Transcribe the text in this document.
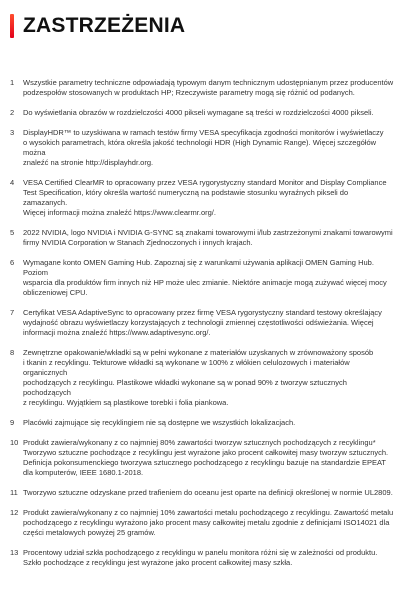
ZASTRZEŻENIA
1	Wszystkie parametry techniczne odpowiadają typowym danym technicznym udostępnianym przez producentów
podzespołów stosowanych w produktach HP; Rzeczywiste parametry mogą się różnić od podanych.
2	Do wyświetlania obrazów w rozdzielczości 4000 pikseli wymagane są treści w rozdzielczości 4000 pikseli.
3	DisplayHDR™ to uzyskiwana w ramach testów firmy VESA specyfikacja zgodności monitorów i wyświetlaczy
o wysokich parametrach, która określa jakość technologii HDR (High Dynamic Range). Więcej szczegółów można
znaleźć na stronie http://displayhdr.org.
4	VESA Certified ClearMR to opracowany przez VESA rygorystyczny standard Monitor and Display Compliance
Test Specification, który określa wartość numeryczną na podstawie stosunku wyraźnych pikseli do zamazanych.
Więcej informacji można znaleźć https://www.clearmr.org/.
5	2022 NVIDIA, logo NVIDIA i NVIDIA G-SYNC są znakami towarowymi i/lub zastrzeżonymi znakami towarowymi
firmy NVIDIA Corporation w Stanach Zjednoczonych i innych krajach.
6	Wymagane konto OMEN Gaming Hub. Zapoznaj się z warunkami używania aplikacji OMEN Gaming Hub. Poziom
wsparcia dla produktów firm innych niż HP może ulec zmianie. Niektóre animacje mogą zużywać więcej mocy
obliczeniowej CPU.
7	Certyfikat VESA AdaptiveSync to opracowany przez firmę VESA rygorystyczny standard testowy określający
wydajność obrazu wyświetlaczy korzystających z technologii zmiennej częstotliwości odświeżania. Więcej
informacji można znaleźć https://www.adaptivesync.org/.
8	Zewnętrzne opakowanie/wkładki są w pełni wykonane z materiałów uzyskanych w zrównoważony sposób
i tkanin z recyklingu. Tekturowe wkładki są wykonane w 100% z włókien celulozowych i materiałów organicznych
pochodzących z recyklingu. Plastikowe wkładki wykonane są w ponad 90% z tworzyw sztucznych pochodzących
z recyklingu. Wyjątkiem są plastikowe torebki i folia piankowa.
9	Placówki zajmujące się recyklingiem nie są dostępne we wszystkich lokalizacjach.
10 Produkt zawiera/wykonany z co najmniej 80% zawartości tworzyw sztucznych pochodzących z recyklingu*
Tworzywo sztuczne pochodzące z recyklingu jest wyrażone jako procent całkowitej masy tworzyw sztucznych.
Definicja pokonsumenckiego tworzywa sztucznego pochodzącego z recyklingu bazuje na standardzie EPEAT
dla komputerów, IEEE 1680.1-2018.
11 Tworzywo sztuczne odzyskane przed trafieniem do oceanu jest oparte na definicji określonej w normie UL2809.
12 Produkt zawiera/wykonany z co najmniej 10% zawartości metalu pochodzącego z recyklingu. Zawartość metalu
pochodzącego z recyklingu wyrażono jako procent masy całkowitej metalu zgodnie z definicjami ISO14021 dla
części metalowych powyżej 25 gramów.
13 Procentowy udział szkła pochodzącego z recyklingu w panelu monitora różni się w zależności od produktu.
Szkło pochodzące z recyklingu jest wyrażone jako procent całkowitej masy szkła.
